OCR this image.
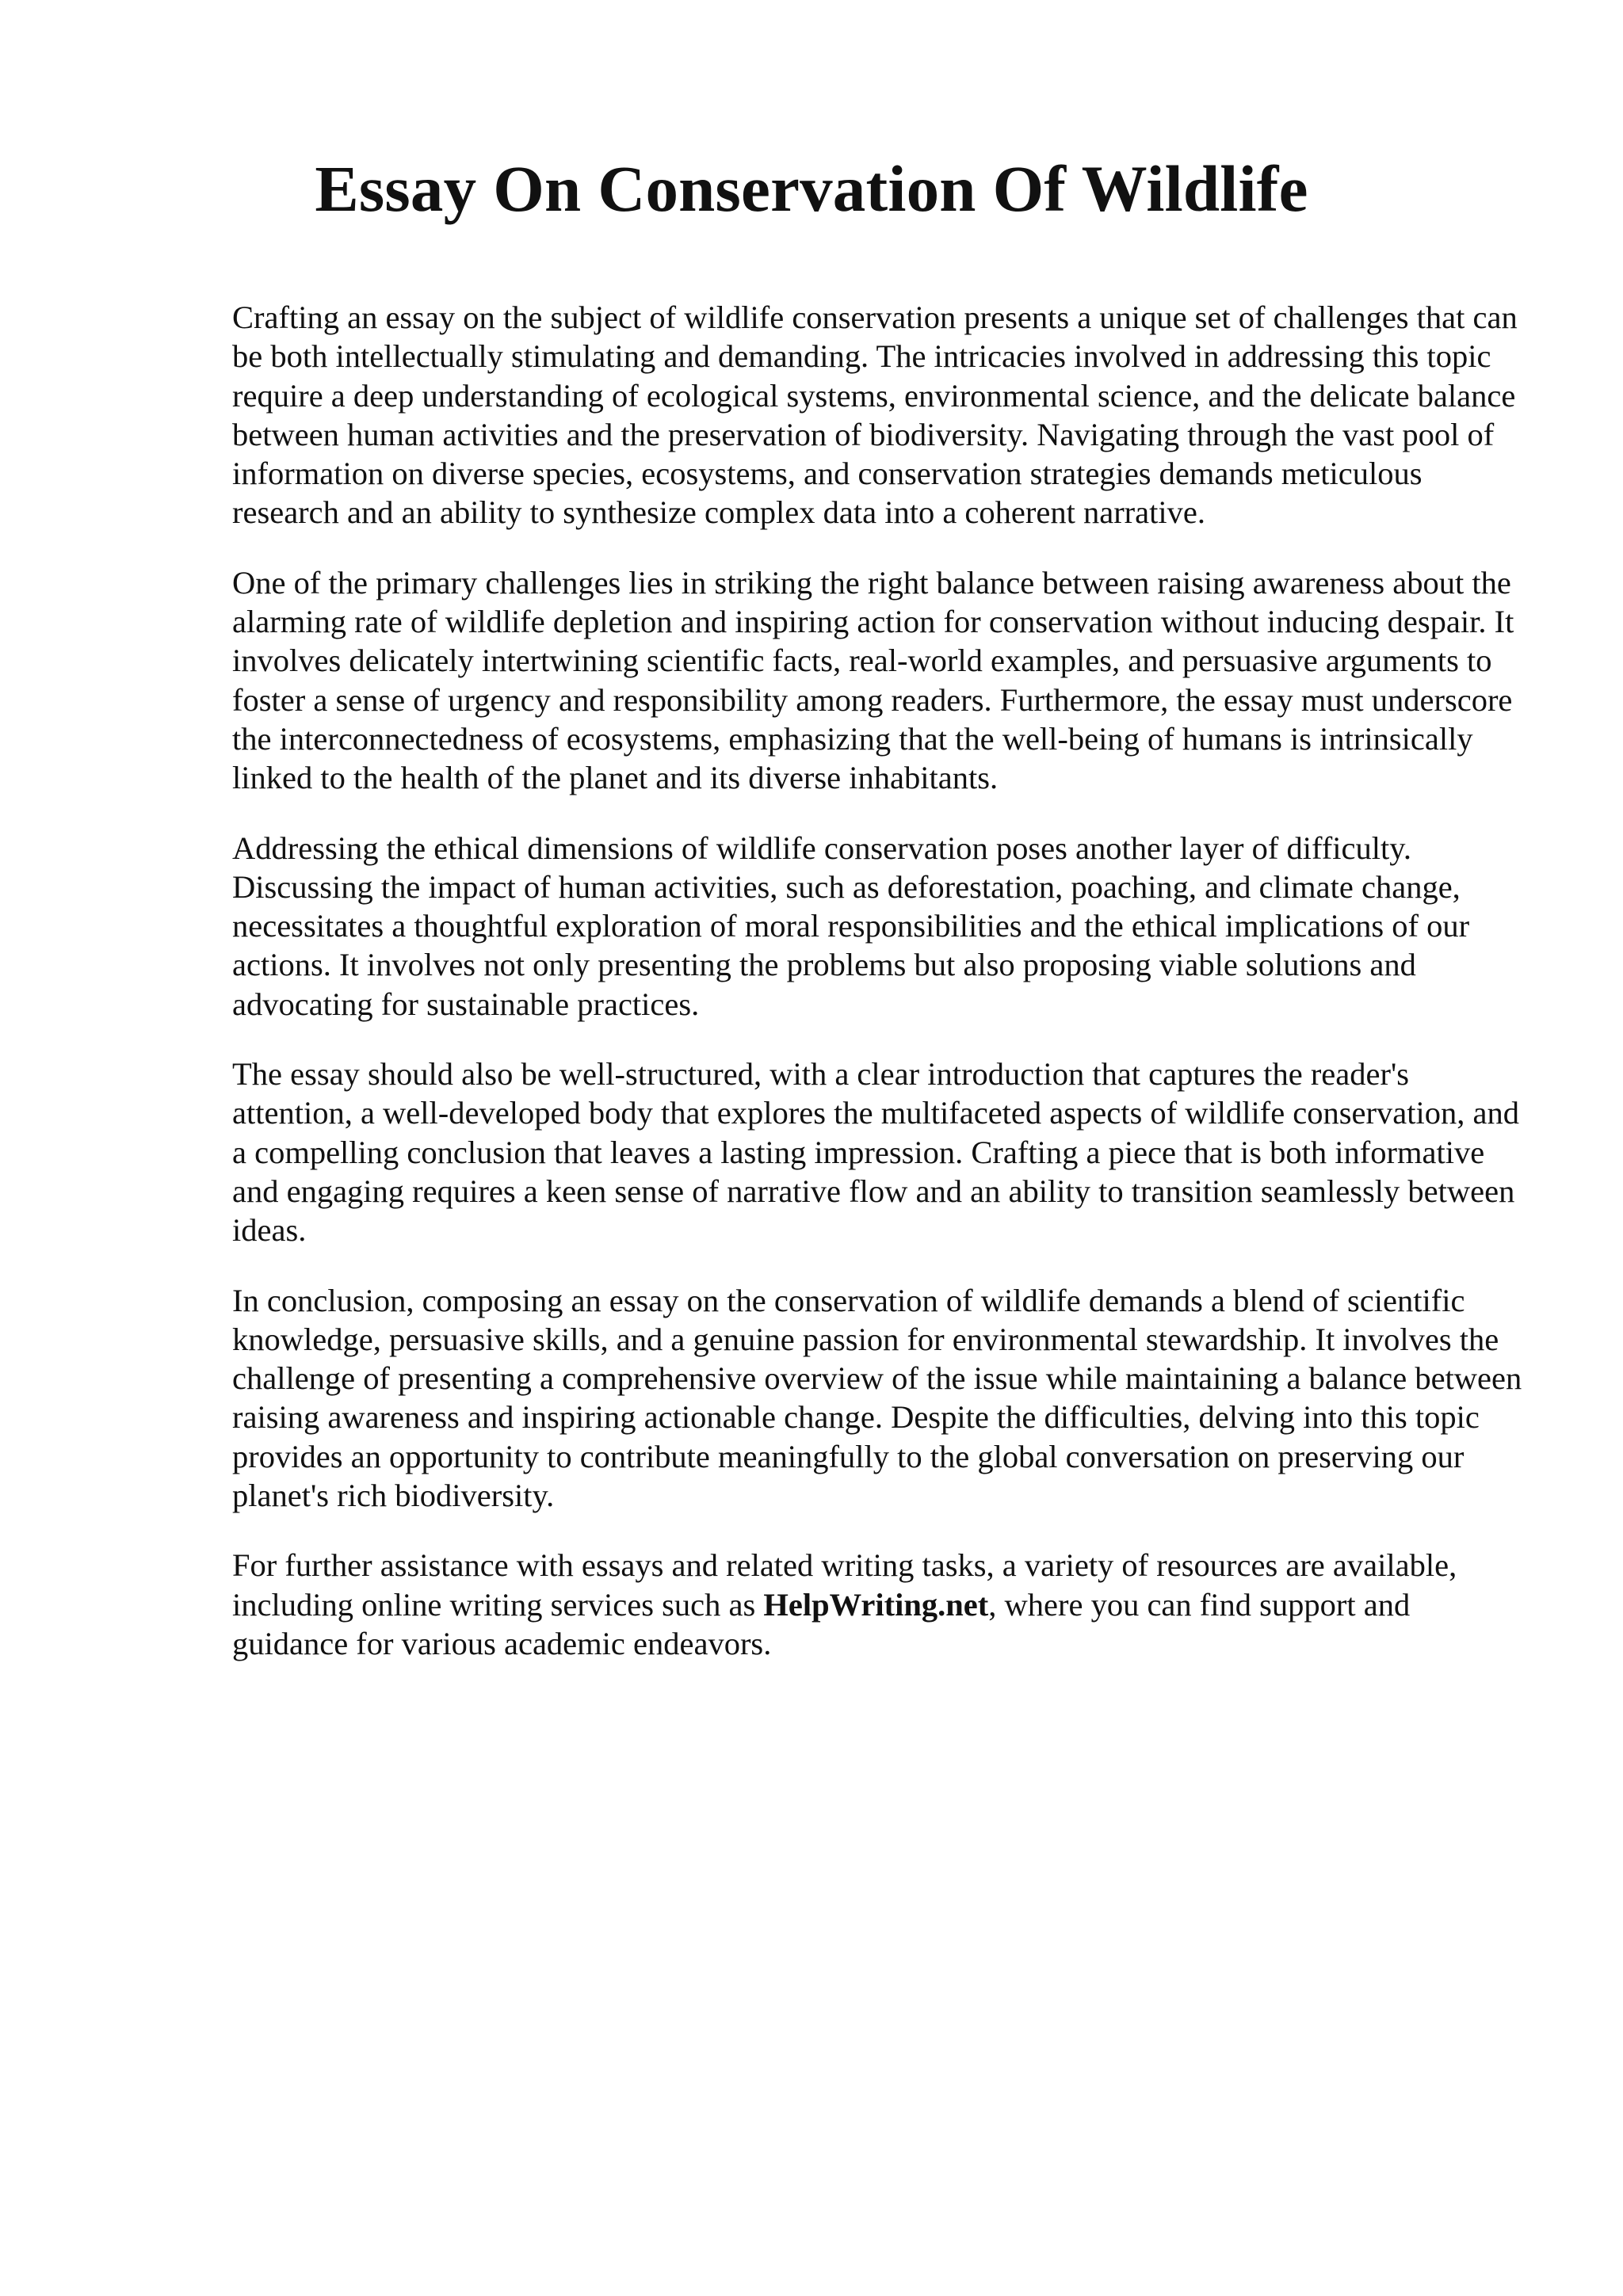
Essay On Conservation Of Wildlife

Crafting an essay on the subject of wildlife conservation presents a unique set of challenges that can be both intellectually stimulating and demanding. The intricacies involved in addressing this topic require a deep understanding of ecological systems, environmental science, and the delicate balance between human activities and the preservation of biodiversity. Navigating through the vast pool of information on diverse species, ecosystems, and conservation strategies demands meticulous research and an ability to synthesize complex data into a coherent narrative.

One of the primary challenges lies in striking the right balance between raising awareness about the alarming rate of wildlife depletion and inspiring action for conservation without inducing despair. It involves delicately intertwining scientific facts, real-world examples, and persuasive arguments to foster a sense of urgency and responsibility among readers. Furthermore, the essay must underscore the interconnectedness of ecosystems, emphasizing that the well-being of humans is intrinsically linked to the health of the planet and its diverse inhabitants.

Addressing the ethical dimensions of wildlife conservation poses another layer of difficulty. Discussing the impact of human activities, such as deforestation, poaching, and climate change, necessitates a thoughtful exploration of moral responsibilities and the ethical implications of our actions. It involves not only presenting the problems but also proposing viable solutions and advocating for sustainable practices.

The essay should also be well-structured, with a clear introduction that captures the reader's attention, a well-developed body that explores the multifaceted aspects of wildlife conservation, and a compelling conclusion that leaves a lasting impression. Crafting a piece that is both informative and engaging requires a keen sense of narrative flow and an ability to transition seamlessly between ideas.

In conclusion, composing an essay on the conservation of wildlife demands a blend of scientific knowledge, persuasive skills, and a genuine passion for environmental stewardship. It involves the challenge of presenting a comprehensive overview of the issue while maintaining a balance between raising awareness and inspiring actionable change. Despite the difficulties, delving into this topic provides an opportunity to contribute meaningfully to the global conversation on preserving our planet's rich biodiversity.

For further assistance with essays and related writing tasks, a variety of resources are available, including online writing services such as HelpWriting.net, where you can find support and guidance for various academic endeavors.
